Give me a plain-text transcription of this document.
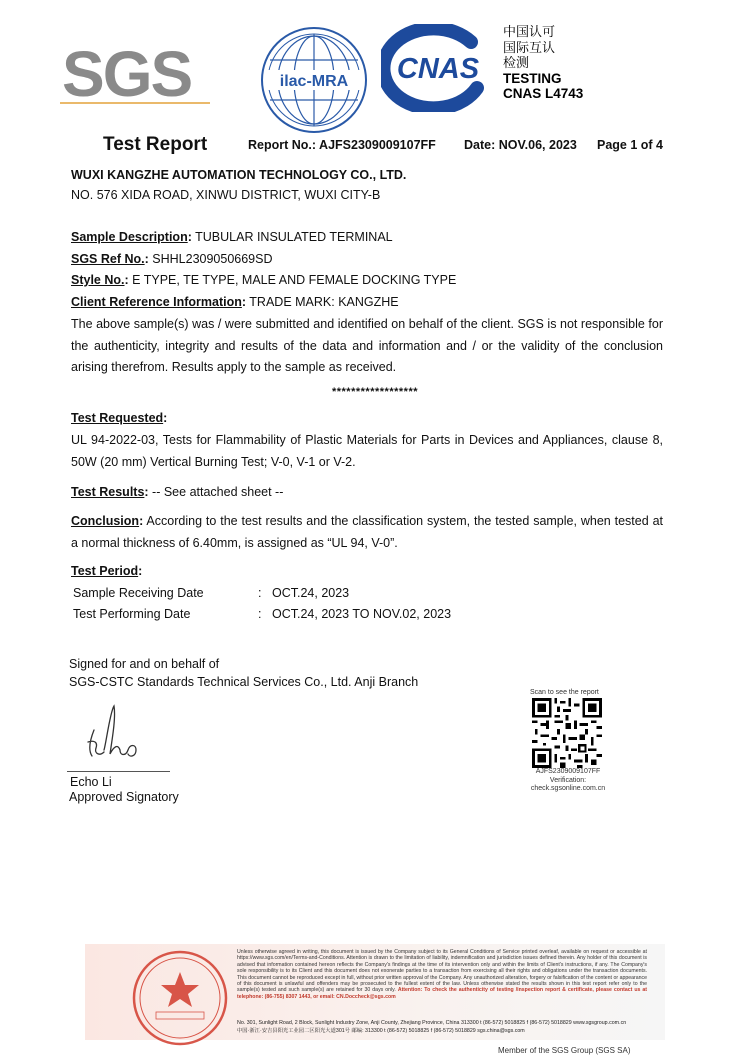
SGS	ilac-MRA CNAS
中国认可
国际互认
检测
TESTING
CNAS L4743
Test Report	Report No.: AJFS2309009107FF Date: NOV.06, 2023 Page 1 of 4
WUXI KANGZHE AUTOMATION TECHNOLOGY CO., LTD.
NO. 576 XIDA ROAD, XINWU DISTRICT, WUXI CITY-B
Sample Description: TUBULAR INSULATED TERMINAL
SGS Ref No.: SHHL2309050669SD
Style No.: E TYPE, TE TYPE, MALE AND FEMALE DOCKING TYPE
Client Reference Information: TRADE MARK: KANGZHE
The above sample(s) was / were submitted and identified on behalf of the client. SGS is not responsible for the authenticity, integrity and results of the data and information and / or the validity of the conclusion arising therefrom. Results apply to the sample as received.
******************
Test Requested:
UL 94-2022-03, Tests for Flammability of Plastic Materials for Parts in Devices and Appliances, clause 8, 50W (20 mm) Vertical Burning Test; V-0, V-1 or V-2.
Test Results: -- See attached sheet --
Conclusion: According to the test results and the classification system, the tested sample, when tested at a normal thickness of 6.40mm, is assigned as “UL 94, V-0”.
Test Period:
Sample Receiving Date	: OCT.24, 2023
Test Performing Date	: OCT.24, 2023 TO NOV.02, 2023
Signed for and on behalf of
SGS-CSTC Standards Technical Services Co., Ltd. Anji Branch
Echo Li
Approved Signatory
Scan to see the report
AJFS2309009107FF
Verification:
check.sgsonline.com.cn
Unless otherwise agreed in writing, this document is issued by the Company subject to its General Conditions of Service printed overleaf, available on request or accessible at https://www.sgs.com/en/Terms-and-Conditions. Attention is drawn to the limitation of liability, indemnification and jurisdiction issues defined therein. Any holder of this document is advised that information contained hereon reflects the Company's findings at the time of its intervention only and within the limits of Client's instructions, if any. The Company's sole responsibility is to its Client and this document does not exonerate parties to a transaction from exercising all their rights and obligations under the transaction documents. This document cannot be reproduced except in full, without prior written approval of the Company. Any unauthorized alteration, forgery or falsification of the content or appearance of this document is unlawful and offenders may be prosecuted to the fullest extent of the law. Unless otherwise stated the results shown in this test report refer only to the sample(s) tested and such sample(s) are retained for 30 days only. Attention: To check the authenticity of testing /inspection report & certificate, please contact us at telephone: (86-755) 8307 1443, or email: CN.Doccheck@sgs.com
No. 301, Sunlight Road, 2 Block, Sunlight Industry Zone, Anji County, Zhejiang Province, China 313300 t (86-572) 5018825 f (86-572) 5018829 www.sgsgroup.com.cn
中国·浙江·安吉县阳光工业园二区阳光大道301号 邮编: 313300 t (86-572) 5018825 f (86-572) 5018829 sgs.china@sgs.com
Member of the SGS Group (SGS SA)
